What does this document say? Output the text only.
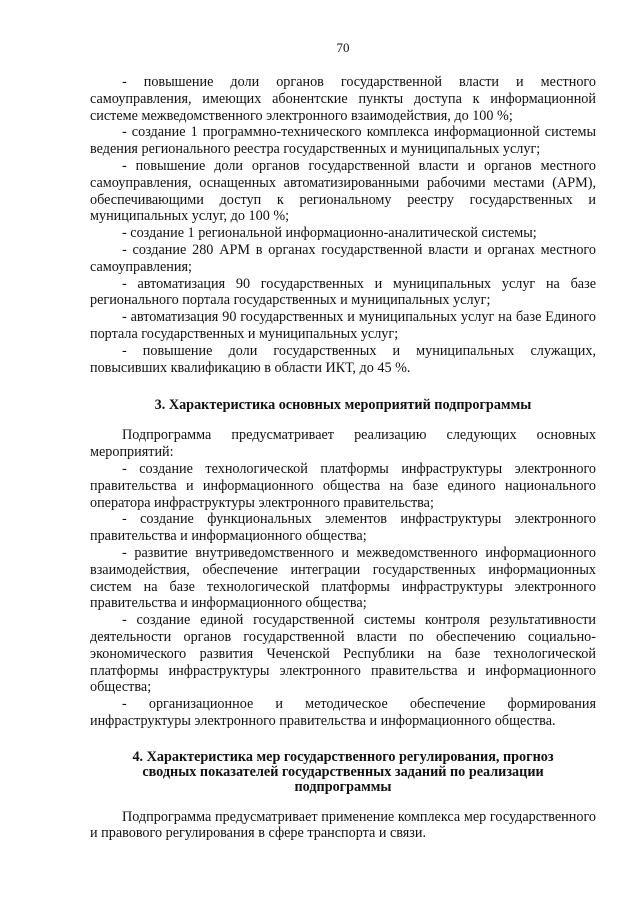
70

- повышение доли органов государственной власти и местного самоуправления, имеющих абонентские пункты доступа к информационной системе межведомственного электронного взаимодействия, до 100 %;

- создание 1 программно-технического комплекса информационной системы ведения регионального реестра государственных и муниципальных услуг;

- повышение доли органов государственной власти и органов местного самоуправления, оснащенных автоматизированными рабочими местами (АРМ), обеспечивающими доступ к региональному реестру государственных и муниципальных услуг, до 100 %;

- создание 1 региональной информационно-аналитической системы;

- создание 280 АРМ в органах государственной власти и органах местного самоуправления;

- автоматизация 90 государственных и муниципальных услуг на базе регионального портала государственных и муниципальных услуг;

- автоматизация 90 государственных и муниципальных услуг на базе Единого портала государственных и муниципальных услуг;

- повышение доли государственных и муниципальных служащих, повысивших квалификацию в области ИКТ, до 45 %.

3. Характеристика основных мероприятий подпрограммы

Подпрограмма предусматривает реализацию следующих основных мероприятий:

- создание технологической платформы инфраструктуры электронного правительства и информационного общества на базе единого национального оператора инфраструктуры электронного правительства;

- создание функциональных элементов инфраструктуры электронного правительства и информационного общества;

- развитие внутриведомственного и межведомственного информационного взаимодействия, обеспечение интеграции государственных информационных систем на базе технологической платформы инфраструктуры электронного правительства и информационного общества;

- создание единой государственной системы контроля результативности деятельности органов государственной власти по обеспечению социально-экономического развития Чеченской Республики на базе технологической платформы инфраструктуры электронного правительства и информационного общества;

- организационное и методическое обеспечение формирования инфраструктуры электронного правительства и информационного общества.

4. Характеристика мер государственного регулирования, прогноз
сводных показателей государственных заданий по реализации
подпрограммы

Подпрограмма предусматривает применение комплекса мер государственного и правового регулирования в сфере транспорта и связи.
